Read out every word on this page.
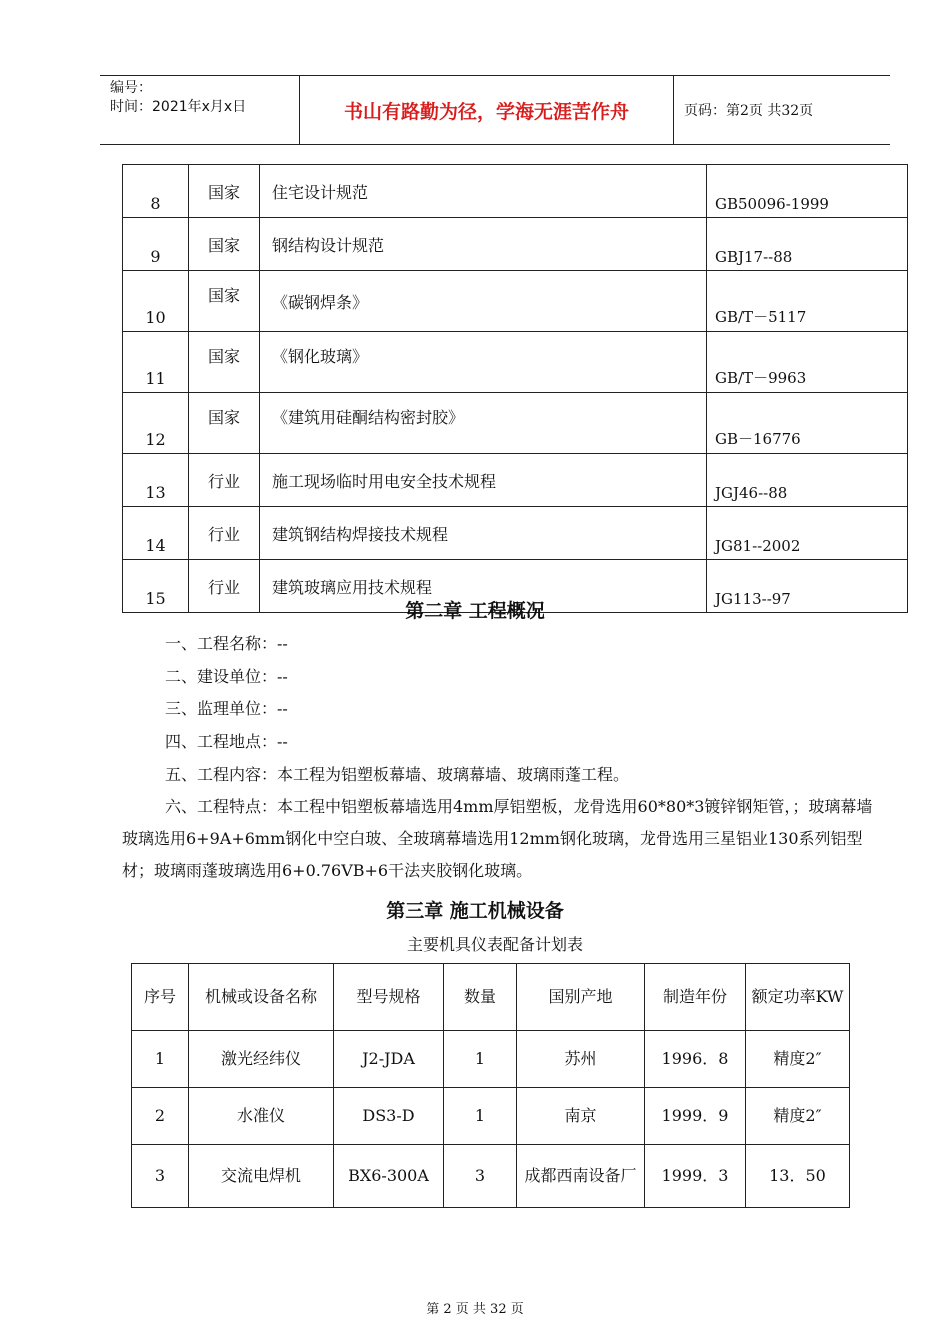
编号：
时间：2021年x月x日	书山有路勤为径，学海无涯苦作舟	页码：第2页 共32页
8	国家	住宅设计规范	GB50096-1999
9	国家	钢结构设计规范	GBJ17--88
10	国家	《碳钢焊条》	GB/T－5117
11	国家	《钢化玻璃》	GB/T－9963
12	国家	《建筑用硅酮结构密封胶》	GB－16776
13	行业	施工现场临时用电安全技术规程	JGJ46--88
14	行业	建筑钢结构焊接技术规程	JG81--2002
15	行业	建筑玻璃应用技术规程	JG113--97
第二章 工程概况
一、工程名称：--
二、建设单位：--
三、监理单位：--
四、工程地点：--
五、工程内容：本工程为铝塑板幕墙、玻璃幕墙、玻璃雨蓬工程。
六、工程特点：本工程中铝塑板幕墙选用4mm厚铝塑板，龙骨选用60*80*3镀锌钢矩管，；玻璃幕墙玻璃选用6+9A+6mm钢化中空白玻、全玻璃幕墙选用12mm钢化玻璃，龙骨选用三星铝业130系列铝型材；玻璃雨蓬玻璃选用6+0.76VB+6干法夹胶钢化玻璃。
第三章 施工机械设备
主要机具仪表配备计划表
序号	机械或设备名称	型号规格	数量	国别产地	制造年份	额定功率KW
1	激光经纬仪	J2-JDA	1	苏州	1996．8	精度2″
2	水准仪	DS3-D	1	南京	1999．9	精度2″
3	交流电焊机	BX6-300A	3	成都西南设备厂	1999．3	13．50
第 2 页 共 32 页
